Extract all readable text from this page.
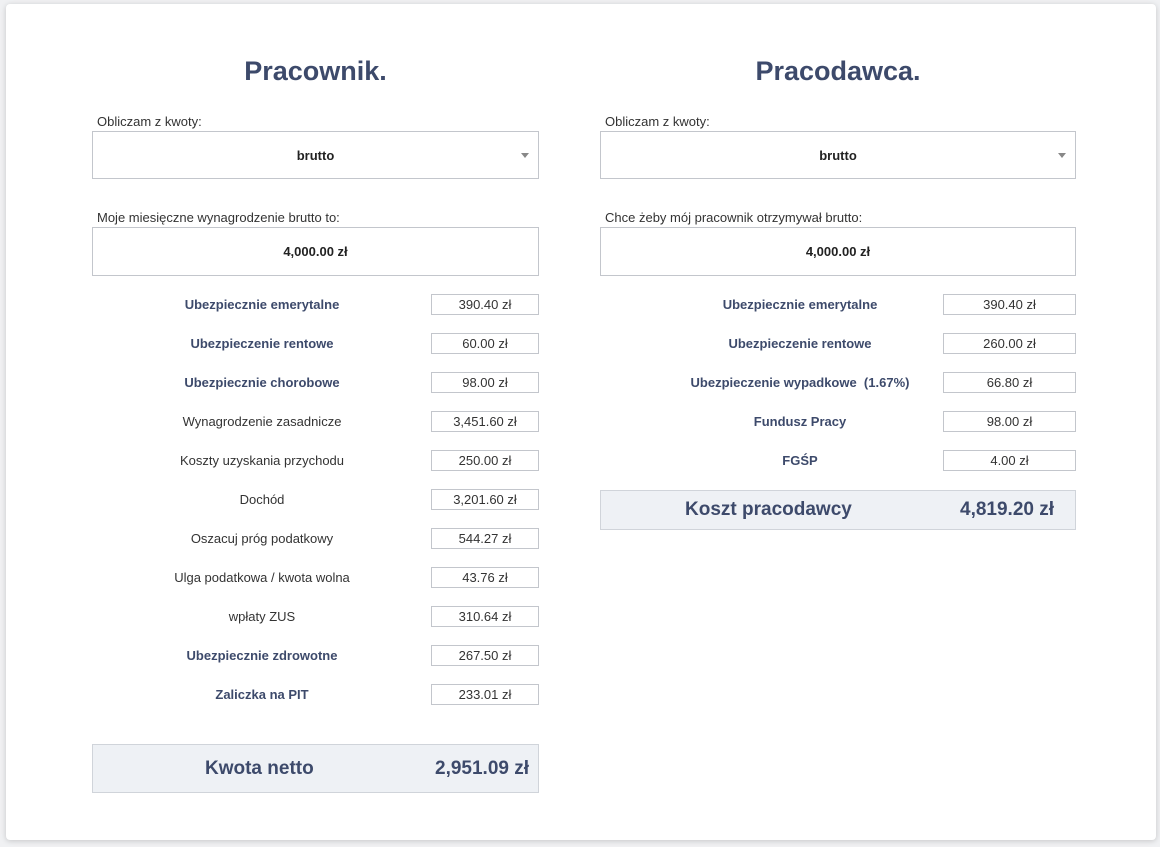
Pracownik.
Obliczam z kwoty:
brutto
Moje miesięczne wynagrodzenie brutto to:
4,000.00 zł
Ubezpiecznie emerytalne	390.40 zł
Ubezpieczenie rentowe	60.00 zł
Ubezpiecznie chorobowe	98.00 zł
Wynagrodzenie zasadnicze	3,451.60 zł
Koszty uzyskania przychodu	250.00 zł
Dochód	3,201.60 zł
Oszacuj próg podatkowy	544.27 zł
Ulga podatkowa / kwota wolna	43.76 zł
wpłaty ZUS	310.64 zł
Ubezpiecznie zdrowotne	267.50 zł
Zaliczka na PIT	233.01 zł
Kwota netto	2,951.09 zł
Pracodawca.
Obliczam z kwoty:
brutto
Chce żeby mój pracownik otrzymywał brutto:
4,000.00 zł
Ubezpiecznie emerytalne	390.40 zł
Ubezpieczenie rentowe	260.00 zł
Ubezpieczenie wypadkowe  (1.67%)	66.80 zł
Fundusz Pracy	98.00 zł
FGŚP	4.00 zł
Koszt pracodawcy	4,819.20 zł
